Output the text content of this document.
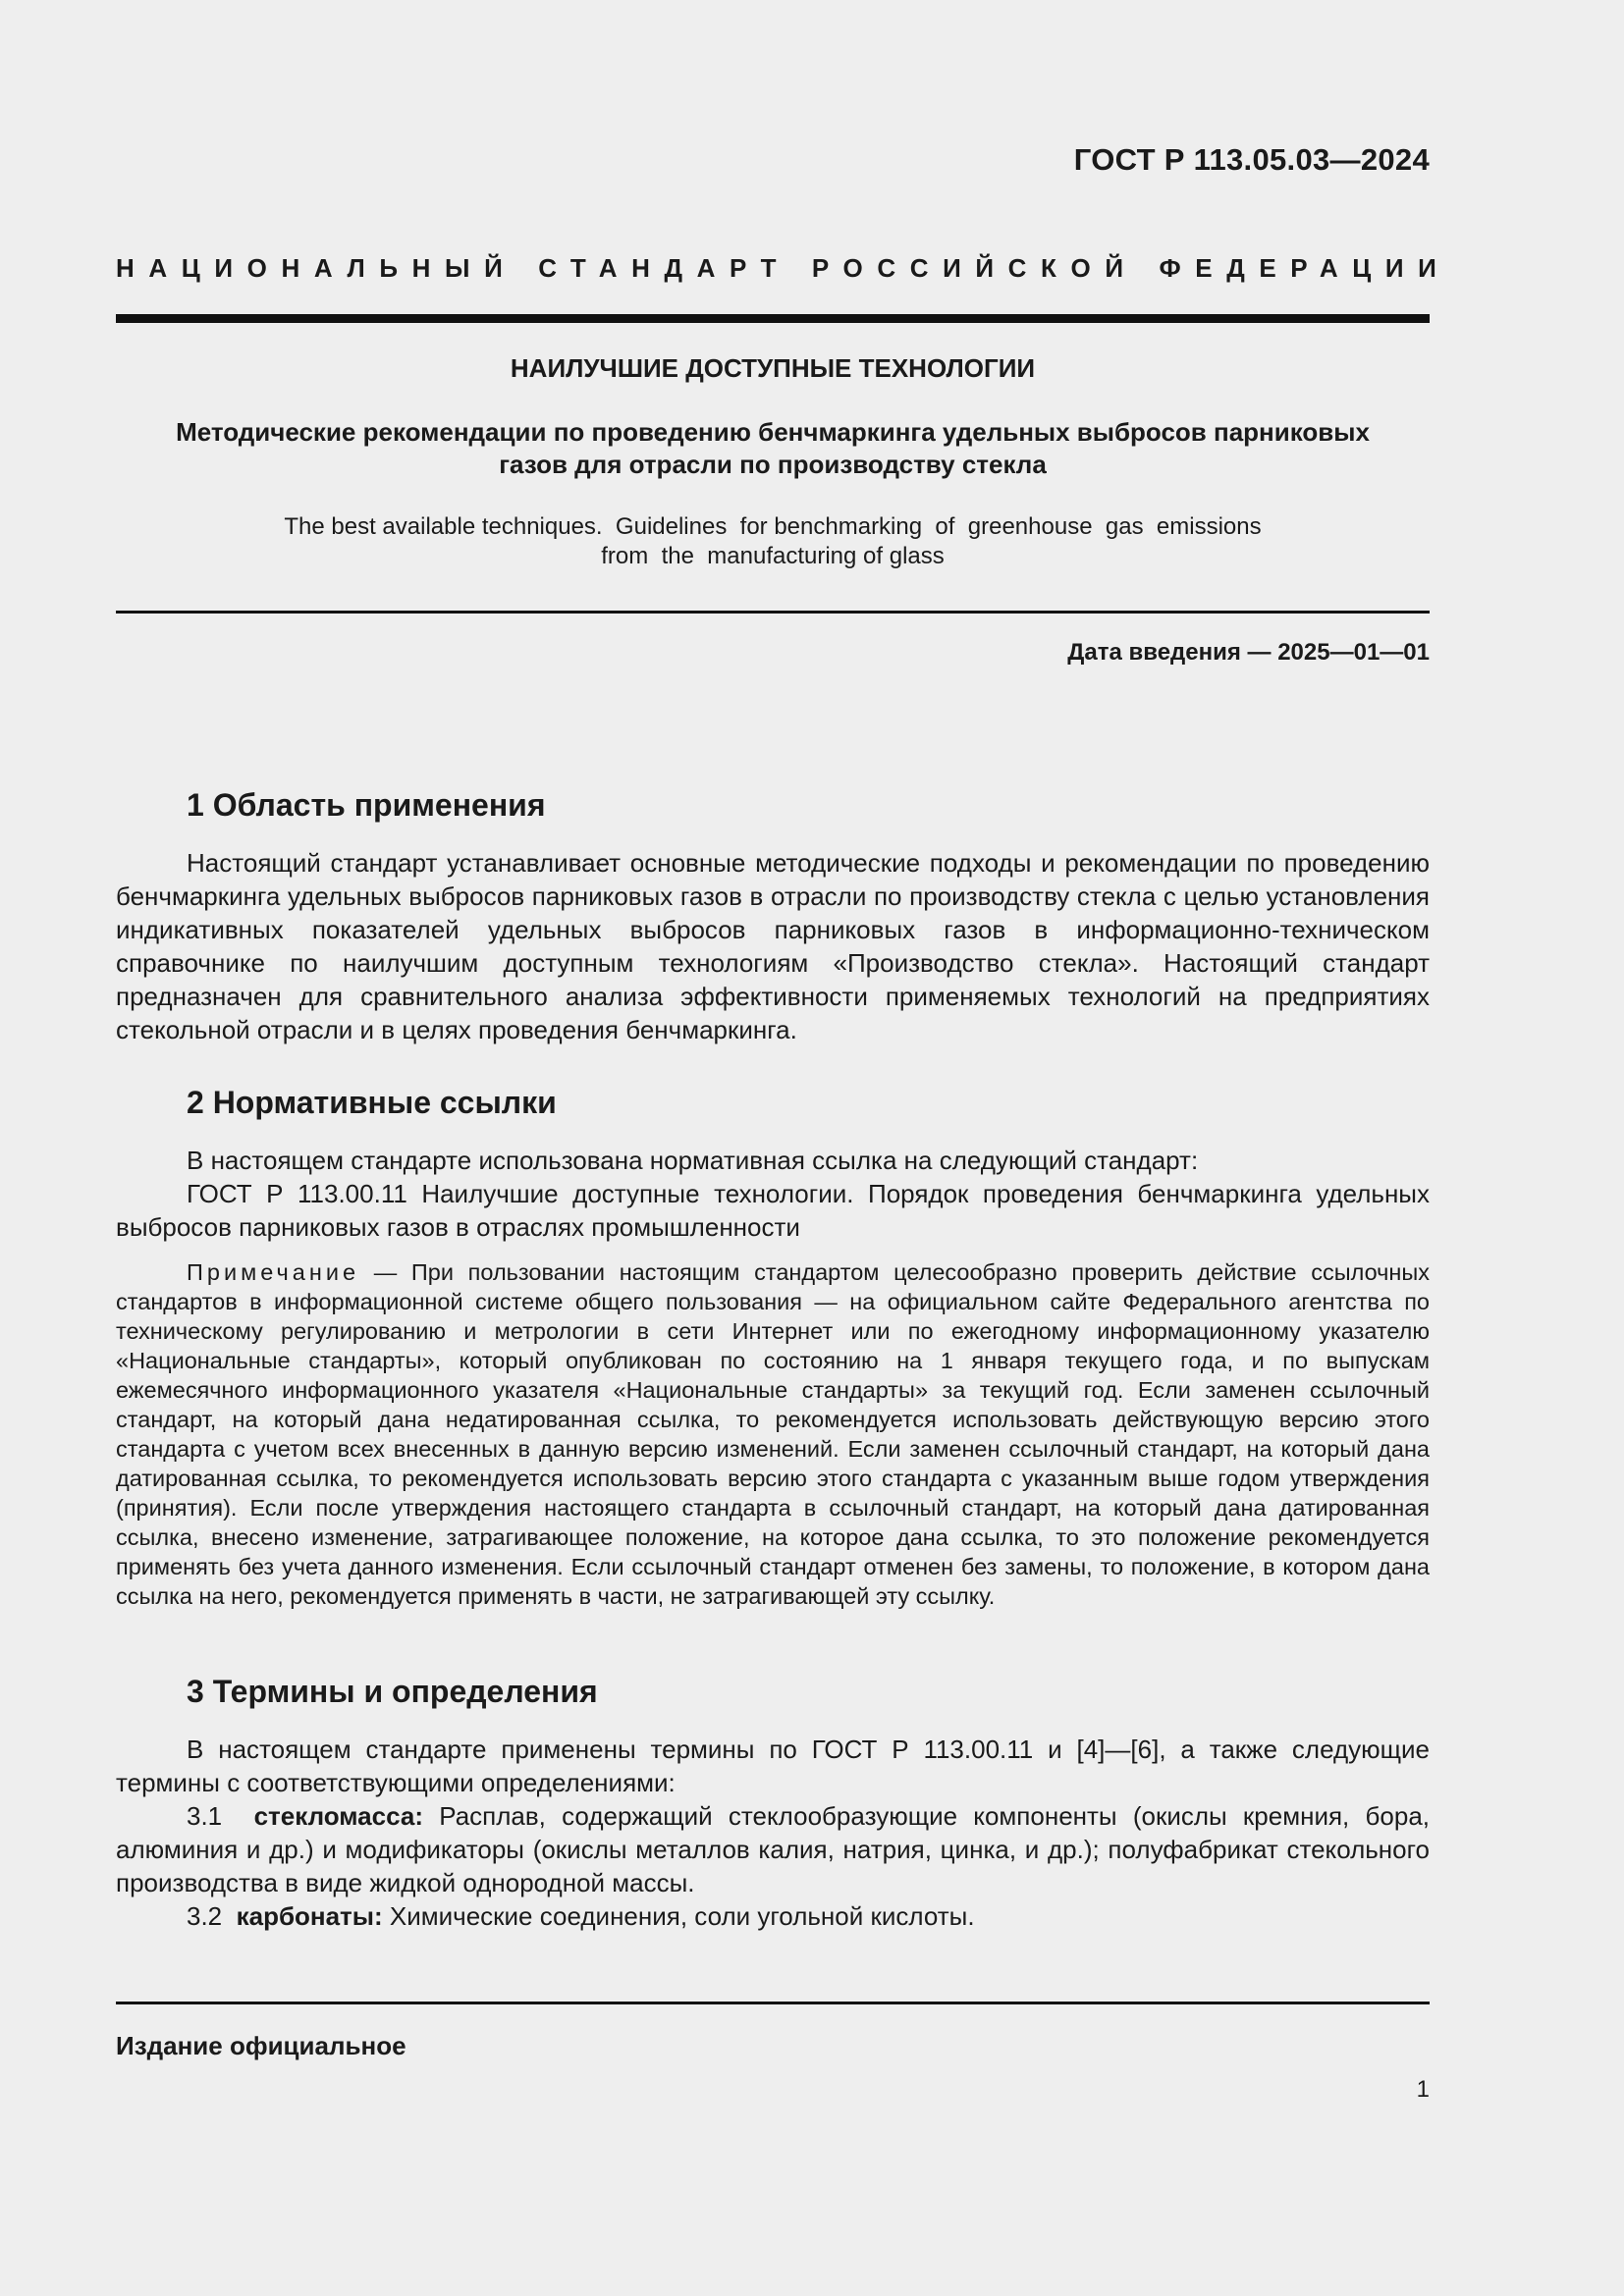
ГОСТ Р 113.05.03—2024
НАЦИОНАЛЬНЫЙ СТАНДАРТ РОССИЙСКОЙ ФЕДЕРАЦИИ
НАИЛУЧШИЕ ДОСТУПНЫЕ ТЕХНОЛОГИИ
Методические рекомендации по проведению бенчмаркинга удельных выбросов парниковых
газов для отрасли по производству стекла
The best available techniques.  Guidelines  for benchmarking  of  greenhouse  gas  emissions
from  the  manufacturing of glass
Дата введения — 2025—01—01
1 Область применения

Настоящий стандарт устанавливает основные методические подходы и рекомендации по проведению бенчмаркинга удельных выбросов парниковых газов в отрасли по производству стекла с целью установления индикативных показателей удельных выбросов парниковых газов в информационно-техническом справочнике по наилучшим доступным технологиям «Производство стекла». Настоящий стандарт предназначен для сравнительного анализа эффективности применяемых технологий на предприятиях стекольной отрасли и в целях проведения бенчмаркинга.

2 Нормативные ссылки

В настоящем стандарте использована нормативная ссылка на следующий стандарт:

ГОСТ Р 113.00.11 Наилучшие доступные технологии. Порядок проведения бенчмаркинга удельных выбросов парниковых газов в отраслях промышленности

Примечание — При пользовании настоящим стандартом целесообразно проверить действие ссылочных стандартов в информационной системе общего пользования — на официальном сайте Федерального агентства по техническому регулированию и метрологии в сети Интернет или по ежегодному информационному указателю «Национальные стандарты», который опубликован по состоянию на 1 января текущего года, и по выпускам ежемесячного информационного указателя «Национальные стандарты» за текущий год. Если заменен ссылочный стандарт, на который дана недатированная ссылка, то рекомендуется использовать действующую версию этого стандарта с учетом всех внесенных в данную версию изменений. Если заменен ссылочный стандарт, на который дана датированная ссылка, то рекомендуется использовать версию этого стандарта с указанным выше годом утверждения (принятия). Если после утверждения настоящего стандарта в ссылочный стандарт, на который дана датированная ссылка, внесено изменение, затрагивающее положение, на которое дана ссылка, то это положение рекомендуется применять без учета данного изменения. Если ссылочный стандарт отменен без замены, то положение, в котором дана ссылка на него, рекомендуется применять в части, не затрагивающей эту ссылку.

3 Термины и определения

В настоящем стандарте применены термины по ГОСТ Р 113.00.11 и [4]—[6], а также следующие термины с соответствующими определениями:

3.1  стекломасса: Расплав, содержащий стеклообразующие компоненты (окислы кремния, бора, алюминия и др.) и модификаторы (окислы металлов калия, натрия, цинка, и др.); полуфабрикат стекольного производства в виде жидкой однородной массы.

3.2  карбонаты: Химические соединения, соли угольной кислоты.

Издание официальное
1
